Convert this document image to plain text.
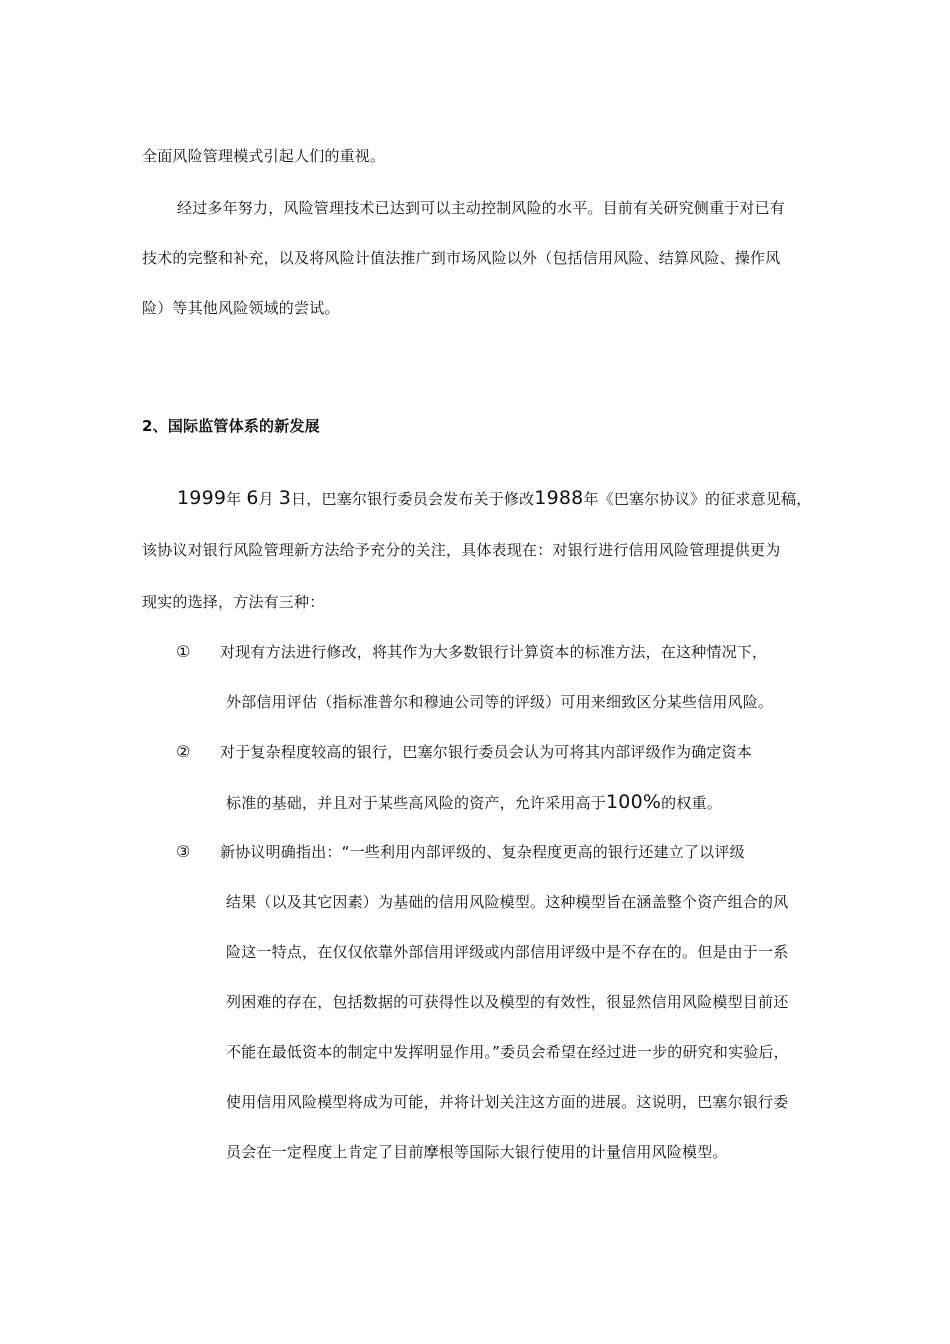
全面风险管理模式引起人们的重视。
经过多年努力，风险管理技术已达到可以主动控制风险的水平。目前有关研究侧重于对已有
技术的完整和补充，以及将风险计值法推广到市场风险以外（包括信用风险、结算风险、操作风
险）等其他风险领域的尝试。
2、国际监管体系的新发展
1999年 6月 3日，巴塞尔银行委员会发布关于修改1988年《巴塞尔协议》的征求意见稿，
该协议对银行风险管理新方法给予充分的关注，具体表现在：对银行进行信用风险管理提供更为
现实的选择，方法有三种：
① 对现有方法进行修改，将其作为大多数银行计算资本的标准方法，在这种情况下，
外部信用评估（指标准普尔和穆迪公司等的评级）可用来细致区分某些信用风险。
② 对于复杂程度较高的银行，巴塞尔银行委员会认为可将其内部评级作为确定资本
标准的基础，并且对于某些高风险的资产，允许采用高于100%的权重。
③ 新协议明确指出：“一些利用内部评级的、复杂程度更高的银行还建立了以评级
结果（以及其它因素）为基础的信用风险模型。这种模型旨在涵盖整个资产组合的风
险这一特点，在仅仅依靠外部信用评级或内部信用评级中是不存在的。但是由于一系
列困难的存在，包括数据的可获得性以及模型的有效性，很显然信用风险模型目前还
不能在最低资本的制定中发挥明显作用。”委员会希望在经过进一步的研究和实验后，
使用信用风险模型将成为可能，并将计划关注这方面的进展。这说明，巴塞尔银行委
员会在一定程度上肯定了目前摩根等国际大银行使用的计量信用风险模型。
